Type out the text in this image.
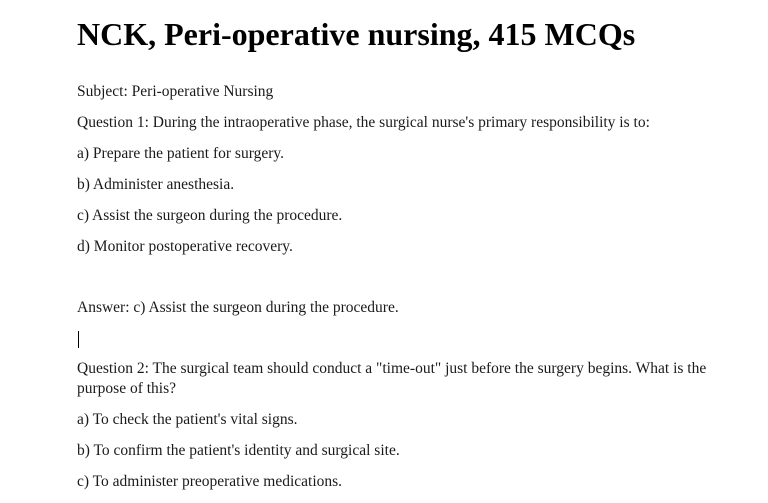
NCK, Peri-operative nursing, 415 MCQs

Subject: Peri-operative Nursing

Question 1: During the intraoperative phase, the surgical nurse's primary responsibility is to:

a) Prepare the patient for surgery.

b) Administer anesthesia.

c) Assist the surgeon during the procedure.

d) Monitor postoperative recovery.

Answer: c) Assist the surgeon during the procedure.

Question 2: The surgical team should conduct a "time-out" just before the surgery begins. What is the purpose of this?

a) To check the patient's vital signs.

b) To confirm the patient's identity and surgical site.

c) To administer preoperative medications.
